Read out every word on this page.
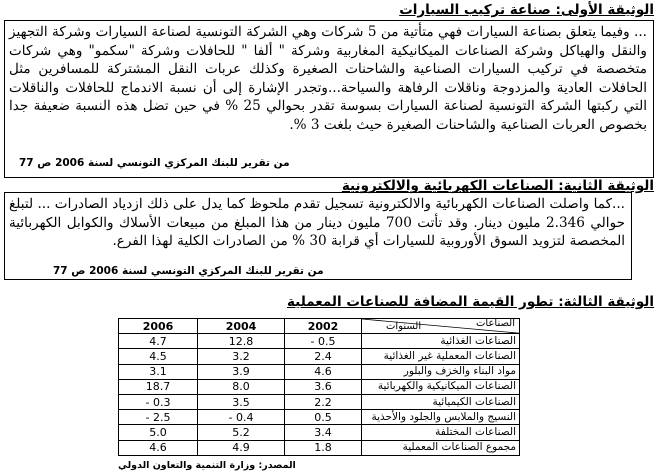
الوثيقة الأولى: صناعة تركيب السيارات

... وفيما يتعلق بصناعة السيارات فهي متأتية من 5 شركات وهي الشركة التونسية لصناعة السيارات وشركة التجهيز والنقل والهياكل وشركة الصناعات الميكانيكية المغاربية وشركة " ألفا " للحافلات وشركة "سكمو" وهي شركات متخصصة في تركيب السيارات الصناعية والشاحنات الصغيرة وكذلك عربات النقل المشتركة للمسافرين مثل الحافلات العادية والمزدوجة وناقلات الرفاهة والسياحة...وتجدر الإشارة إلى أن نسبة الاندماج للحافلات والناقلات التي ركبتها الشركة التونسية لصناعة السيارات بسوسة تقدر بحوالي 25 % في حين تضل هذه النسبة ضعيفة جدا بخصوص العربات الصناعية والشاحنات الصغيرة حيث بلغت 3 %.

من تقرير للبنك المركزي التونسي لسنة 2006 ص 77
الوثيقة الثانية: الصناعات الكهربائية والالكترونية

...كما واصلت الصناعات الكهربائية والالكترونية تسجيل تقدم ملحوظ كما يدل على ذلك ازدياد الصادرات ... لتبلغ حوالي 2.346 مليون دينار. وقد تأتت 700 مليون دينار من هذا المبلغ من مبيعات الأسلاك والكوابل الكهربائية المخصصة لتزويد السوق الأوروبية للسيارات أي قرابة 30 % من الصادرات الكلية لهذا الفرع.

من تقرير للبنك المركزي التونسي لسنة 2006 ص 77
الوثيقة الثالثة: تطور القيمة المضافة للصناعات المعملية
2006	2004	2002	السنوات الصناعات

4.7	12.8	- 0.5	الصناعات الغذائية
4.5	3.2	2.4	الصناعات المعملية غير الغذائية
3.1	3.9	4.6	مواد البناء والخزف والبلور
18.7	8.0	3.6	الصناعات الميكانيكية والكهربائية
- 0.3	3.5	2.2	الصناعات الكيميائية
- 2.5	- 0.4	0.5	النسيج والملابس والجلود والأحذية
5.0	5.2	3.4	الصناعات المختلفة
4.6	4.9	1.8	مجموع الصناعات المعملية
المصدر: وزارة التنمية والتعاون الدولي
